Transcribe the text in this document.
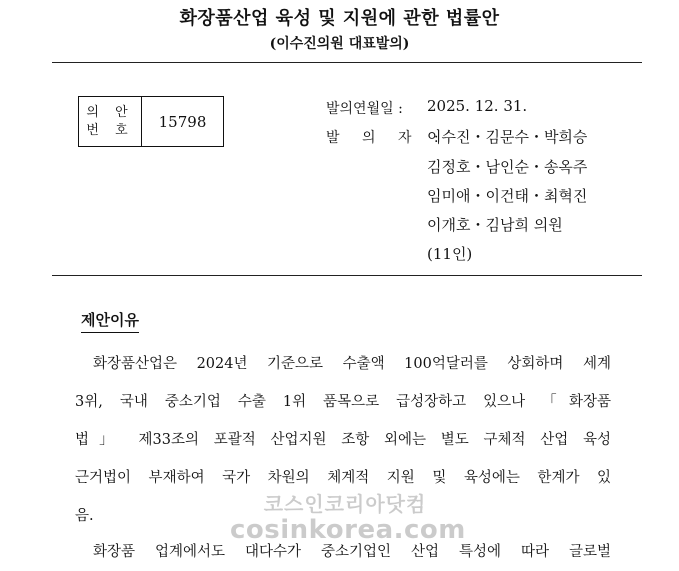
화장품산업 육성 및 지원에 관한 법률안
(이수진의원 대표발의)
의 안
번 호	15798
발의연월일 : 2025. 12. 31.
발 의 자 :
이수진・김문수・박희승
김정호・남인순・송옥주
임미애・이건태・최혁진
이개호・김남희 의원
(11인)
제안이유
화장품산업은 2024년 기준으로 수출액 100억달러를 상회하며 세계
3위, 국내 중소기업 수출 1위 품목으로 급성장하고 있으나 「화장품
법」 제33조의 포괄적 산업지원 조항 외에는 별도 구체적 산업 육성
근거법이 부재하여 국가 차원의 체계적 지원 및 육성에는 한계가 있
음.
화장품 업계에서도 대다수가 중소기업인 산업 특성에 따라 글로벌
코스인코리아닷컴
cosinkorea.com
